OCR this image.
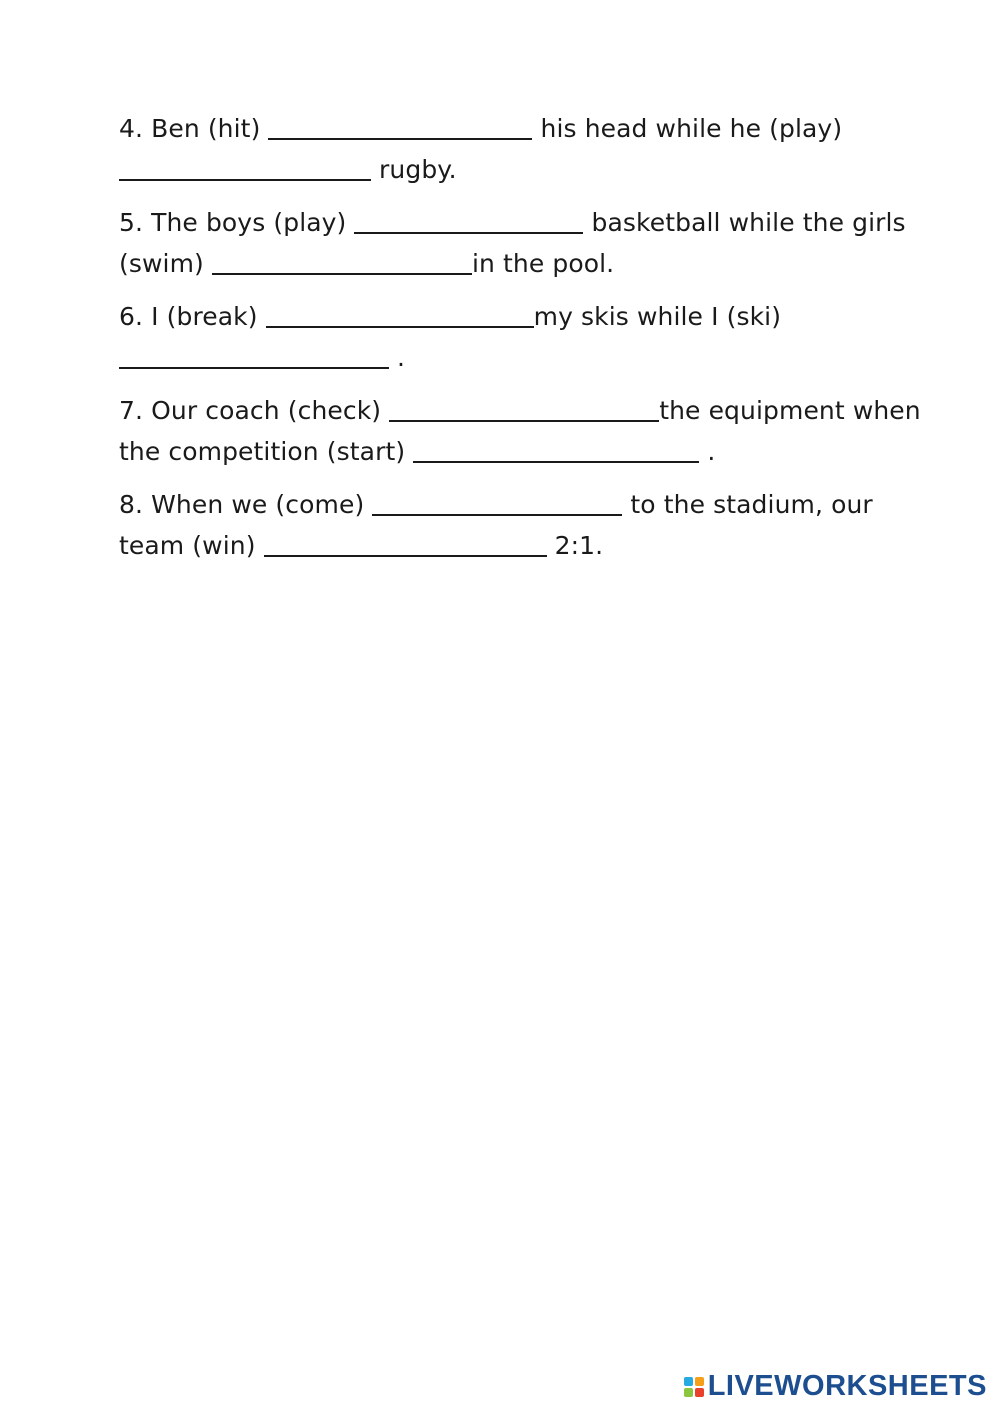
4. Ben (hit)	his head while he (play)
rugby.
5. The boys (play)	basketball while the girls
(swim)	in the pool.
6. I (break)	my skis while I (ski)
.
7. Our coach (check)	the equipment when
the competition (start)	.
8. When we (come)	to the stadium, our
team (win)	2:1.
LIVEWORKSHEETS
